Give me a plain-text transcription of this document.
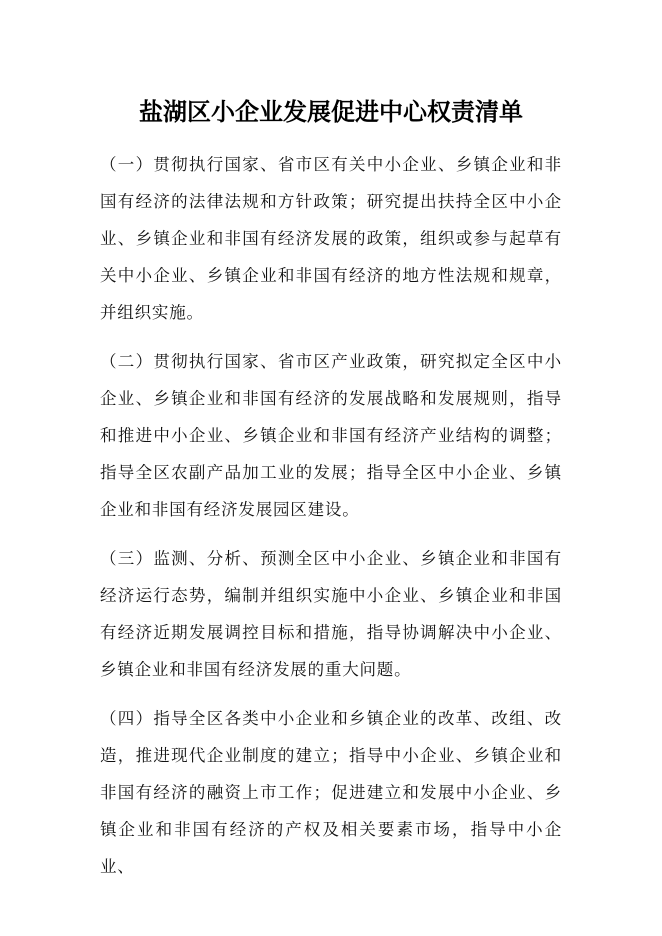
盐湖区小企业发展促进中心权责清单

（一）贯彻执行国家、省市区有关中小企业、乡镇企业和非国有经济的法律法规和方针政策；研究提出扶持全区中小企业、乡镇企业和非国有经济发展的政策，组织或参与起草有关中小企业、乡镇企业和非国有经济的地方性法规和规章，并组织实施。

（二）贯彻执行国家、省市区产业政策，研究拟定全区中小企业、乡镇企业和非国有经济的发展战略和发展规则，指导和推进中小企业、乡镇企业和非国有经济产业结构的调整；指导全区农副产品加工业的发展；指导全区中小企业、乡镇企业和非国有经济发展园区建设。

（三）监测、分析、预测全区中小企业、乡镇企业和非国有经济运行态势，编制并组织实施中小企业、乡镇企业和非国有经济近期发展调控目标和措施，指导协调解决中小企业、乡镇企业和非国有经济发展的重大问题。

（四）指导全区各类中小企业和乡镇企业的改革、改组、改造，推进现代企业制度的建立；指导中小企业、乡镇企业和非国有经济的融资上市工作；促进建立和发展中小企业、乡镇企业和非国有经济的产权及相关要素市场，指导中小企业、
